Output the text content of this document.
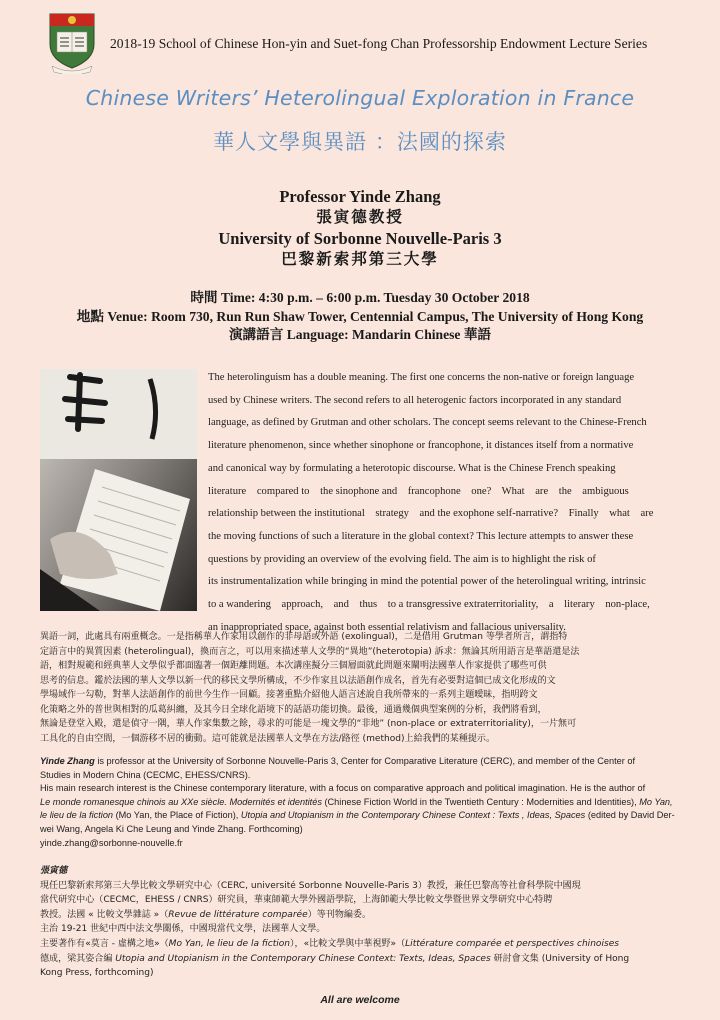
2018-19 School of Chinese Hon-yin and Suet-fong Chan Professorship Endowment Lecture Series
Chinese Writers’ Heterolingual Exploration in France
華人文學與異語 ：法國的探索
Professor Yinde Zhang
張寅德教授
University of Sorbonne Nouvelle-Paris 3
巴黎新索邦第三大學
時間 Time: 4:30 p.m. – 6:00 p.m. Tuesday 30 October 2018
地點 Venue: Room 730, Run Run Shaw Tower, Centennial Campus, The University of Hong Kong
演講語言 Language: Mandarin Chinese 華語
The heterolinguism has a double meaning. The first one concerns the non-native or foreign language
used by Chinese writers. The second refers to all heterogenic factors incorporated in any standard
language, as defined by Grutman and other scholars. The concept seems relevant to the Chinese-French
literature phenomenon, since whether sinophone or francophone, it distances itself from a normative
and canonical way by formulating a heterotopic discourse. What is the Chinese French speaking
literature    compared to    the sinophone and    francophone    one?    What    are    the    ambiguous
relationship between the institutional    strategy    and the exophone self-narrative?    Finally    what    are
the moving functions of such a literature in the global context? This lecture attempts to answer these
questions by providing an overview of the evolving field. The aim is to highlight the risk of
its instrumentalization while bringing in mind the potential power of the heterolingual writing, intrinsic
to a wandering    approach,    and    thus    to a transgressive extraterritoriality,    a    literary    non-place,
an inappropriated space, against both essential relativism and fallacious universality.
異語一詞，此處具有兩重概念。一是指稱華人作家用以創作的非母語或外語 (exolingual)，二是借用 Grutman 等學者所言，謂指特
定語言中的異質因素 (heterolingual)，換而言之，可以用來描述華人文學的“異地”(heterotopia) 訴求：無論其所用語言是華語還是法
語，相對規範和經典華人文學似乎都面臨著一個距離問題。本次講座擬分三個層面就此問題來闡明法國華人作家提供了哪些可供
思考的信息。鑑於法國的華人文學以新一代的移民文學所構成，不少作家且以法語創作成名，首先有必要對這個已成文化形成的文
學場域作一勾勒，對華人法語創作的前世今生作一回顧。接著重點介紹他人語言述說自我所帶來的一系列主題曖昧，指明跨文
化策略之外的普世與相對的瓜葛糾纏，及其今日全球化語境下的話語功能切換。最後，通過幾個典型案例的分析，我們將看到，
無論是登堂入殿，還是偵守一隅，華人作家集數之餘，尋求的可能是一塊文學的“非地” (non-place or extraterritoriality)，一片無可
工具化的自由空間，一個游移不居的衝動。這可能就是法國華人文學在方法/路徑 (method)上給我們的某種提示。
Yinde Zhang is professor at the University of Sorbonne Nouvelle-Paris 3, Center for Comparative Literature (CERC), and member of the Center of
Studies in Modern China (CECMC, EHESS/CNRS).
His main research interest is the Chinese contemporary literature, with a focus on comparative approach and political imagination. He is the author of
Le monde romanesque chinois au XXe siècle. Modernités et identités (Chinese Fiction World in the Twentieth Century : Modernities and Identities), Mo Yan,
le lieu de la fiction (Mo Yan, the Place of Fiction), Utopia and Utopianism in the Contemporary Chinese Context : Texts , Ideas, Spaces (edited by David Der-
wei Wang, Angela Ki Che Leung and Yinde Zhang. Forthcoming)
yinde.zhang@sorbonne-nouvelle.fr
張寅德
現任巴黎新索邦第三大學比較文學研究中心（CERC, université Sorbonne Nouvelle-Paris 3）教授，兼任巴黎高等社會科學院中國現
當代研究中心（CECMC，EHESS / CNRS）研究員，華東師範大學外國語學院，上海師範大學比較文學暨世界文學研究中心特聘
教授。法國 « 比較文學雜誌 »（Revue de littérature comparée）等刊物編委。
主治 19-21 世紀中西中法文學關係，中國現當代文學，法國華人文學。
主要著作有«莫言 - 虛構之地»（Mo Yan, le lieu de la fiction），«比較文學與中華視野»（Littérature comparée et perspectives chinoises
德成，梁其姿合編 Utopia and Utopianism in the Contemporary Chinese Context: Texts, Ideas, Spaces 研討會文集 (University of Hong
Kong Press, forthcoming)
All are welcome
